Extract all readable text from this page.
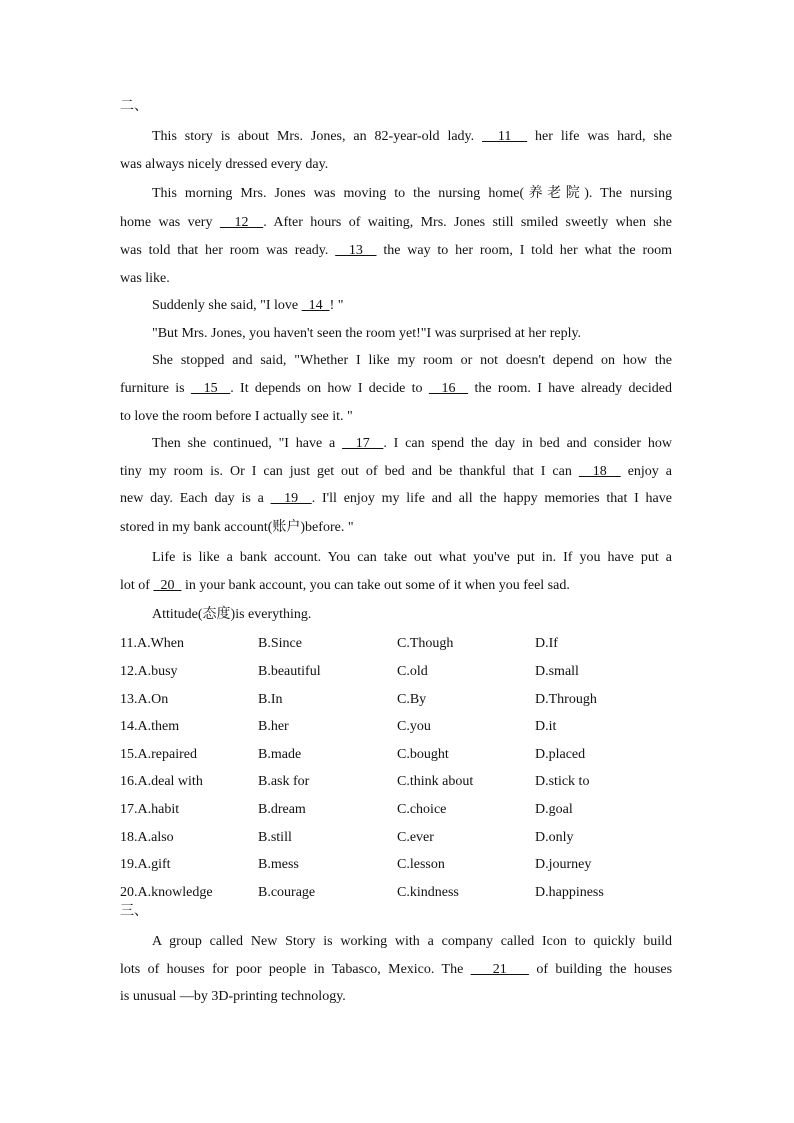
二、
This story is about Mrs. Jones, an 82-year-old lady.   11   her life was hard, she
was always nicely dressed every day.
This morning Mrs. Jones was moving to the nursing home(养老院). The nursing
home was very   12  . After hours of waiting, Mrs. Jones still smiled sweetly when she
was told that her room was ready.   13   the way to her room, I told her what the room
was like.
Suddenly she said, "I love   14  ! "
"But Mrs. Jones, you haven't seen the room yet!"I was surprised at her reply.
She stopped and said, "Whether I like my room or not doesn't depend on how the
furniture is   15  . It depends on how I decide to   16   the room. I have already decided
to love the room before I actually see it. "
Then she continued, "I have a   17  . I can spend the day in bed and consider how
tiny my room is. Or I can just get out of bed and be thankful that I can   18   enjoy a
new day. Each day is a   19  . I'll enjoy my life and all the happy memories that I have
stored in my bank account(账户)before. "
Life is like a bank account. You can take out what you've put in. If you have put a
lot of   20   in your bank account, you can take out some of it when you feel sad.
Attitude(态度)is everything.
11.A.When	B.Since	C.Though	D.If
12.A.busy	B.beautiful	C.old	D.small
13.A.On	B.In	C.By	D.Through
14.A.them	B.her	C.you	D.it
15.A.repaired	B.made	C.bought	D.placed
16.A.deal with	B.ask for	C.think about	D.stick to
17.A.habit	B.dream	C.choice	D.goal
18.A.also	B.still	C.ever	D.only
19.A.gift	B.mess	C.lesson	D.journey
20.A.knowledge	B.courage	C.kindness	D.happiness
三、
A group called New Story is working with a company called Icon to quickly build
lots of houses for poor people in Tabasco, Mexico. The    21    of building the houses
is unusual —by 3D-printing technology.
